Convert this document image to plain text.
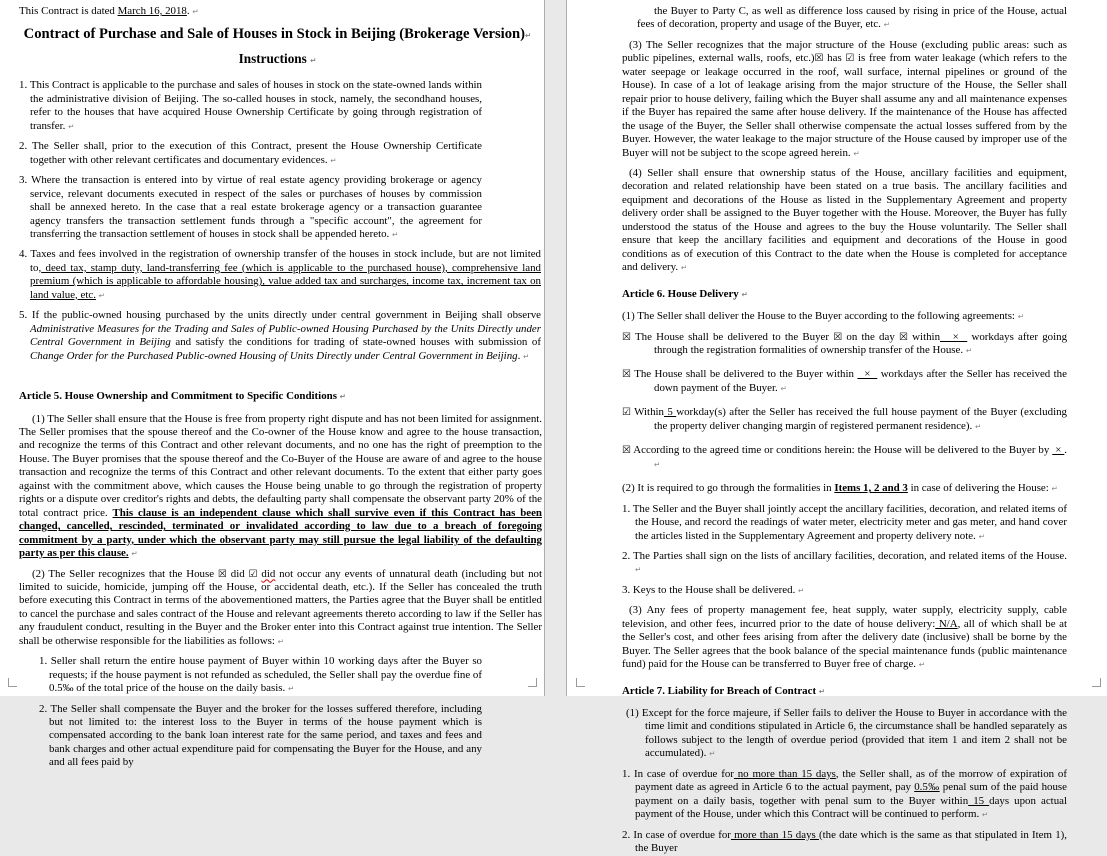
This Contract is dated March 16, 2018. ↵
Contract of Purchase and Sale of Houses in Stock in Beijing (Brokerage Version)↵
Instructions ↵
1. This Contract is applicable to the purchase and sales of houses in stock on the state-owned lands within the administrative division of Beijing. The so-called houses in stock, namely, the secondhand houses, refer to the houses that have acquired House Ownership Certificate by going through registration of transfer. ↵
2. The Seller shall, prior to the execution of this Contract, present the House Ownership Certificate together with other relevant certificates and documentary evidences. ↵
3. Where the transaction is entered into by virtue of real estate agency providing brokerage or agency service, relevant documents executed in respect of the sales or purchases of houses by commission shall be annexed hereto. In the case that a real estate brokerage agency or a transaction guarantee agency transfers the transaction settlement funds through a "specific account", the agreement for transferring the transaction settlement of houses in stock shall be appended hereto. ↵
4. Taxes and fees involved in the registration of ownership transfer of the houses in stock include, but are not limited to, deed tax, stamp duty, land-transferring fee (which is applicable to the purchased house), comprehensive land premium (which is applicable to affordable housing), value added tax and surcharges, income tax, increment tax on land value, etc. ↵
5. If the public-owned housing purchased by the units directly under central government in Beijing shall observe Administrative Measures for the Trading and Sales of Public-owned Housing Purchased by the Units Directly under Central Government in Beijing and satisfy the conditions for trading of state-owned houses with submission of Change Order for the Purchased Public-owned Housing of Units Directly under Central Government in Beijing. ↵
Article 5. House Ownership and Commitment to Specific Conditions ↵
(1) The Seller shall ensure that the House is free from property right dispute and has not been limited for assignment. The Seller promises that the spouse thereof and the Co-owner of the House know and agree to the house transaction, and recognize the terms of this Contract and other relevant documents, and no one has the right of preemption to the House. The Buyer promises that the spouse thereof and the Co-Buyer of the House are aware of and agree to the house transaction and recognize the terms of this Contract and other relevant documents. To the extent that either party goes against with the commitment above, which causes the House being unable to go through the registration of property rights or a dispute over creditor's rights and debts, the defaulting party shall compensate the observant party 20% of the total contract price. This clause is an independent clause which shall survive even if this Contract has been changed, cancelled, rescinded, terminated or invalidated according to law due to a breach of foregoing commitment by a party, under which the observant party may still pursue the legal liability of the defaulting party as per this clause. ↵
(2) The Seller recognizes that the House ☒ did ☑ did not occur any events of unnatural death (including but not limited to suicide, homicide, jumping off the House, or accidental death, etc.). If the Seller has concealed the truth before executing this Contract in terms of the abovementioned matters, the Parties agree that the Buyer shall be entitled to cancel the purchase and sales contract of the House and relevant agreements thereto according to law if the Seller has any fraudulent conduct, resulting in the Buyer and the Broker enter into this Contract against true intention. The Seller shall be otherwise responsible for the liabilities as follows: ↵
1. Seller shall return the entire house payment of Buyer within 10 working days after the Buyer so requests; if the house payment is not refunded as scheduled, the Seller shall pay the overdue fine of 0.5‰ of the total price of the house on the daily basis. ↵
2. The Seller shall compensate the Buyer and the broker for the losses suffered therefore, including but not limited to: the interest loss to the Buyer in terms of the house payment which is compensated according to the bank loan interest rate for the same period, and taxes and fees and bank charges and other actual expenditure paid for compensating the Buyer for the House, and any and all fees paid by
the Buyer to Party C, as well as difference loss caused by rising in price of the House, actual fees of decoration, property and usage of the Buyer, etc. ↵
(3) The Seller recognizes that the major structure of the House (excluding public areas: such as public pipelines, external walls, roofs, etc.)☒ has ☑ is free from water leakage (which refers to the water seepage or leakage occurred in the roof, wall surface, internal pipelines or ground of the House). In case of a lot of leakage arising from the major structure of the House, the Seller shall repair prior to house delivery, failing which the Buyer shall assume any and all maintenance expenses if the Buyer has repaired the same after house delivery. If the maintenance of the House has affected the usage of the Buyer, the Seller shall otherwise compensate the actual losses suffered from by the Buyer. However, the water leakage to the major structure of the House caused by improper use of the Buyer will not be subject to the scope agreed herein. ↵
(4) Seller shall ensure that ownership status of the House, ancillary facilities and equipment, decoration and related relationship have been stated on a true basis. The ancillary facilities and equipment and decorations of the House as listed in the Supplementary Agreement and property delivery order shall be assigned to the Buyer together with the House. Moreover, the Buyer has fully understood the status of the House and agrees to the buy the House voluntarily. The Seller shall ensure that keep the ancillary facilities and equipment and decorations of the House in good conditions as of execution of this Contract to the date when the House is completed for acceptance and delivery. ↵
Article 6. House Delivery ↵
(1) The Seller shall deliver the House to the Buyer according to the following agreements: ↵
☒ The House shall be delivered to the Buyer ☒ on the day ☒ within   ×   workdays after going through the registration formalities of ownership transfer of the House. ↵
☒ The House shall be delivered to the Buyer within   ×   workdays after the Seller has received the down payment of the Buyer. ↵
☑ Within 5 workday(s) after the Seller has received the full house payment of the Buyer (excluding the property deliver changing margin of registered permanent residence). ↵
☒ According to the agreed time or conditions herein: the House will be delivered to the Buyer by  × . ↵
(2) It is required to go through the formalities in Items 1, 2 and 3 in case of delivering the House: ↵
1. The Seller and the Buyer shall jointly accept the ancillary facilities, decoration, and related items of the House, and record the readings of water meter, electricity meter and gas meter, and hand cover the articles listed in the Supplementary Agreement and property delivery note. ↵
2. The Parties shall sign on the lists of ancillary facilities, decoration, and related items of the House. ↵
3. Keys to the House shall be delivered. ↵
(3) Any fees of property management fee, heat supply, water supply, electricity supply, cable television, and other fees, incurred prior to the date of house delivery: N/A, all of which shall be at the Seller's cost, and other fees arising from after the delivery date (inclusive) shall be borne by the Buyer. The Seller agrees that the book balance of the special maintenance funds (public maintenance fund) paid for the House can be transferred to Buyer free of charge. ↵
Article 7. Liability for Breach of Contract ↵
(1) Except for the force majeure, if Seller fails to deliver the House to Buyer in accordance with the time limit and conditions stipulated in Article 6, the circumstance shall be handled separately as follows subject to the length of overdue period (provided that item 1 and item 2 shall not be accumulated). ↵
1. In case of overdue for no more than 15 days, the Seller shall, as of the morrow of expiration of payment date as agreed in Article 6 to the actual payment, pay 0.5‰ penal sum of the paid house payment on a daily basis, together with penal sum to the Buyer within 15 days upon actual payment of the House, under which this Contract will be continued to perform. ↵
2. In case of overdue for more than 15 days (the date which is the same as that stipulated in Item 1), the Buyer
